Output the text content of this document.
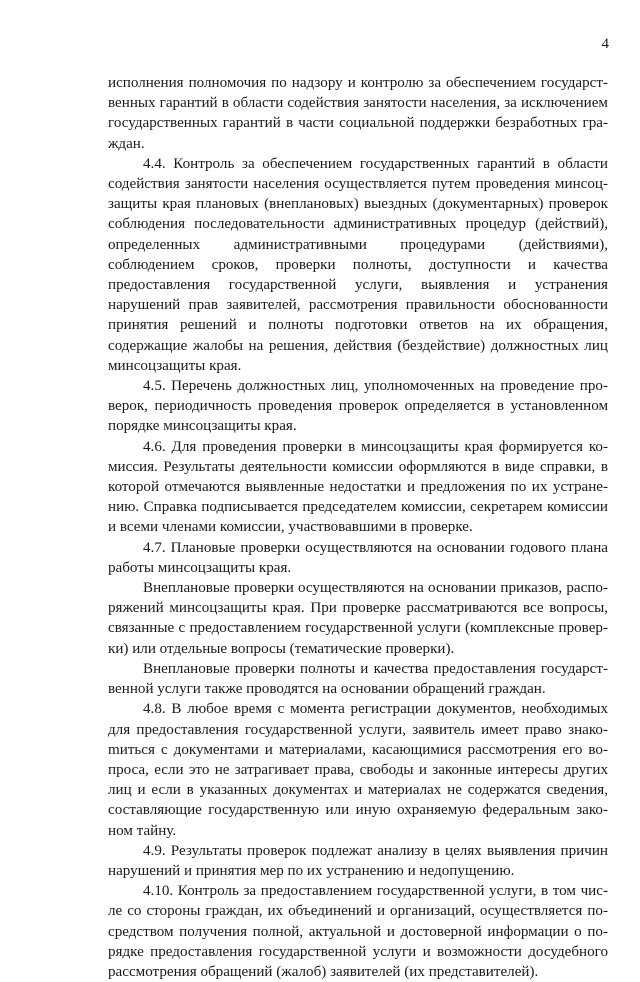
4

исполнения полномочия по надзору и контролю за обеспечением государственных гарантий в области содействия занятости населения, за исключением государственных гарантий в части социальной поддержки безработных граждан.

4.4. Контроль за обеспечением государственных гарантий в области содействия занятости населения осуществляется путем проведения минсоцзащиты края плановых (внеплановых) выездных (документарных) проверок соблюдения последовательности административных процедур (действий), определенных административными процедурами (действиями), соблюдением сроков, проверки полноты, доступности и качества предоставления государственной услуги, выявления и устранения нарушений прав заявителей, рассмотрения правильности обоснованности принятия решений и полноты подготовки ответов на их обращения, содержащие жалобы на решения, действия (бездействие) должностных лиц минсоцзащиты края.

4.5. Перечень должностных лиц, уполномоченных на проведение проверок, периодичность проведения проверок определяется в установленном порядке минсоцзащиты края.

4.6. Для проведения проверки в минсоцзащиты края формируется комиссия. Результаты деятельности комиссии оформляются в виде справки, в которой отмечаются выявленные недостатки и предложения по их устранению. Справка подписывается председателем комиссии, секретарем комиссии и всеми членами комиссии, участвовавшими в проверке.

4.7. Плановые проверки осуществляются на основании годового плана работы минсоцзащиты края.

Внеплановые проверки осуществляются на основании приказов, распоряжений минсоцзащиты края. При проверке рассматриваются все вопросы, связанные с предоставлением государственной услуги (комплексные проверки) или отдельные вопросы (тематические проверки).

Внеплановые проверки полноты и качества предоставления государственной услуги также проводятся на основании обращений граждан.

4.8. В любое время с момента регистрации документов, необходимых для предоставления государственной услуги, заявитель имеет право знакоmиться с документами и материалами, касающимися рассмотрения его вопроса, если это не затрагивает права, свободы и законные интересы других лиц и если в указанных документах и материалах не содержатся сведения, составляющие государственную или иную охраняемую федеральным законом тайну.

4.9. Результаты проверок подлежат анализу в целях выявления причин нарушений и принятия мер по их устранению и недопущению.

4.10. Контроль за предоставлением государственной услуги, в том числе со стороны граждан, их объединений и организаций, осуществляется посредством получения полной, актуальной и достоверной информации о порядке предоставления государственной услуги и возможности досудебного рассмотрения обращений (жалоб) заявителей (их представителей).
